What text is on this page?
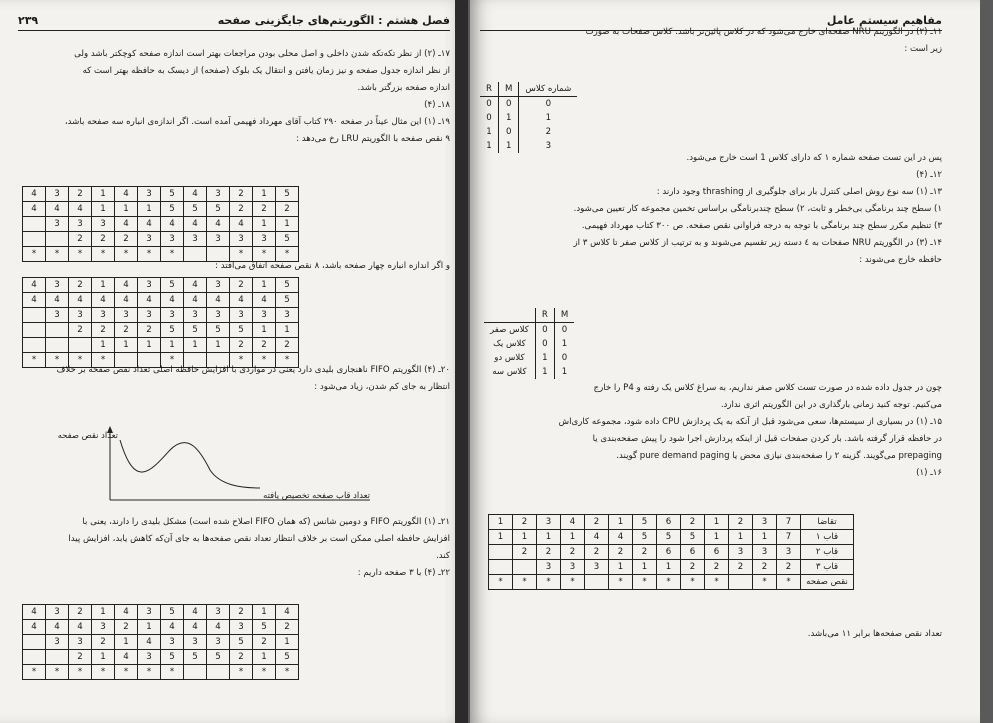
۲۳۹	فصل هشتم : الگوریتم‌های جایگزینی صفحه
۱۷ـ (۲) از نظر تکه‌تکه شدن داخلی و اصل محلی بودن مراجعات بهتر است اندازه صفحه کوچکتر باشد ولی
از نظر اندازه جدول صفحه و نیز زمان یافتن و انتقال یک بلوک (صفحه) از دیسک به حافظه بهتر است که
اندازه صفحه بزرگتر باشد.
۱۸ـ (۴)
۱۹ـ (۱) این مثال عیناً در صفحه ۲۹۰ کتاب آقای مهرداد فهیمی آمده است. اگر اندازه‌ی انباره سه صفحه باشد،
۹ نقص صفحه با الگوریتم LRU رخ می‌دهد :
4	3	2	1	4	3	5	4	3	2	1	5
4	4	4	1	1	1	5	5	5	2	2	2
	3	3	3	4	4	4	4	4	4	1	1
		2	2	2	3	3	3	3	3	3	5
*	*	*	*	*	*	*			*	*	*
و اگر اندازه انباره چهار صفحه باشد، ۸ نقص صفحه اتفاق می‌افتد :
4	3	2	1	4	3	5	4	3	2	1	5
4	4	4	4	4	4	4	4	4	4	4	5
	3	3	3	3	3	3	3	3	3	3	3
		2	2	2	2	5	5	5	5	1	1
			1	1	1	1	1	1	2	2	2
*	*	*	*			*			*	*	*
۲۰ـ (۴) الگوریتم FIFO ناهنجاری بلیدی دارد یعنی در مواردی با افزایش حافظه اصلی تعداد نقص صفحه بر خلاف
انتظار به جای کم شدن، زیاد می‌شود :
تعداد نقص صفحه
تعداد قاب صفحه تخصیص یافته
۲۱ـ (۱) الگوریتم FIFO و دومین شانس (که همان FIFO اصلاح شده است) مشکل بلیدی را دارند، یعنی با
افزایش حافظه اصلی ممکن است بر خلاف انتظار تعداد نقص صفحه‌ها به جای آن‌که کاهش یابد، افزایش پیدا
کند.
۲۲ـ (۴) با ۳ صفحه داریم :
4	3	2	1	4	3	5	4	3	2	1	4
4	4	4	3	2	1	4	4	4	3	5	2
	3	3	2	1	4	3	3	3	5	2	1
		2	1	4	3	5	5	5	2	1	5
*	*	*	*	*	*	*			*	*	*
مفاهیم سیستم عامل
۱۱ـ (۲) در الگوریتم NRU صفحه‌ای خارج می‌شود که در کلاس پائین‌تر باشد. کلاس صفحات به صورت
زیر است :
R	M	شماره کلاس
0	0	0
0	1	1
1	0	2
1	1	3
پس در این تست صفحه شماره ۱ که دارای کلاس 1 است خارج می‌شود.
۱۲ـ (۴)
۱۳ـ (۱) سه نوع روش اصلی کنترل بار برای جلوگیری از thrashing وجود دارند :
۱) سطح چند برنامگی بی‌خطر و ثابت، ۲) سطح چندبرنامگی براساس تخمین مجموعه کار تعیین می‌شود.
۳) تنظیم مکرر سطح چند برنامگی با توجه به درجه فراوانی نقص صفحه. ص ۳۰۰ کتاب مهرداد فهیمی.
۱۴ـ (۳) در الگوریتم NRU صفحات به ٤ دسته زیر تقسیم می‌شوند و به ترتیب از کلاس صفر تا کلاس ۳ از
حافظه خارج می‌شوند :
	R	M
کلاس صفر	0	0
کلاس یک	0	1
کلاس دو	1	0
کلاس سه	1	1
چون در جدول داده شده در صورت تست کلاس صفر نداریم، به سراغ کلاس یک رفته و P4 را خارج
می‌کنیم. توجه کنید زمانی بارگذاری در این الگوریتم اثری ندارد.
۱۵ـ (۱) در بسیاری از سیستم‌ها، سعی می‌شود قبل از آنکه به یک پردازش CPU داده شود، مجموعه کاری‌اش
در حافظه قرار گرفته باشد. بار کردن صفحات قبل از اینکه پردازش اجرا شود را پیش صفحه‌بندی یا
prepaging می‌گویند. گزینه ۲ را صفحه‌بندی نیازی محض یا pure demand paging گویند.
۱۶ـ (۱)
1	2	3	4	2	1	5	6	2	1	2	3	7	تقاضا
1	1	1	1	4	4	5	5	5	1	1	1	7	قاب ۱
	2	2	2	2	2	2	6	6	6	3	3	3	قاب ۲
		3	3	3	1	1	1	2	2	2	2	2	قاب ۳
*	*	*	*		*	*	*	*	*		*	*	نقص صفحه
تعداد نقص صفحه‌ها برابر ۱۱ می‌باشد.
